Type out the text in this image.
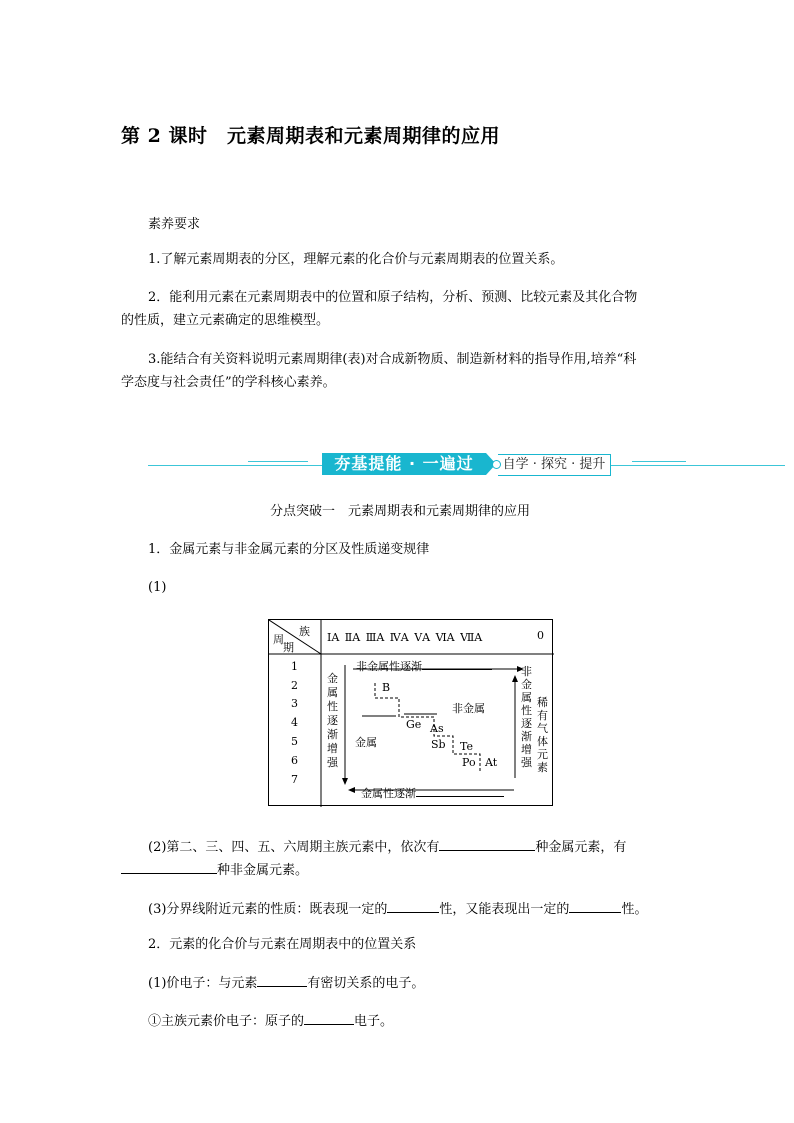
第 2 课时　元素周期表和元素周期律的应用
素养要求
1.了解元素周期表的分区，理解元素的化合价与元素周期表的位置关系。
2．能利用元素在元素周期表中的位置和原子结构，分析、预测、比较元素及其化合物
的性质，建立元素确定的思维模型。
3.能结合有关资料说明元素周期律(表)对合成新物质、制造新材料的指导作用,培养“科
学态度与社会责任”的学科核心素养。
夯基提能 · 一遍过	自学 · 探究 · 提升
分点突破一　元素周期表和元素周期律的应用
1．金属元素与非金属元素的分区及性质递变规律
(1)
族
周
期
ⅠA ⅡA ⅢA ⅣA ⅤA ⅥA ⅦA	0
1
2
3
4
5
6
7
非金属性逐渐
金属性逐渐
金
属
性
逐
渐
增
强
非
金
属
性
逐
渐
增
强
稀
有
气
体
元
素
金属
非金属
B
Ge As
Sb Te
Po At
(2)第二、三、四、五、六周期主族元素中，依次有	种金属元素，有
种非金属元素。
(3)分界线附近元素的性质：既表现一定的	性，又能表现出一定的	性。
2．元素的化合价与元素在周期表中的位置关系
(1)价电子：与元素	有密切关系的电子。
①主族元素价电子：原子的	电子。
